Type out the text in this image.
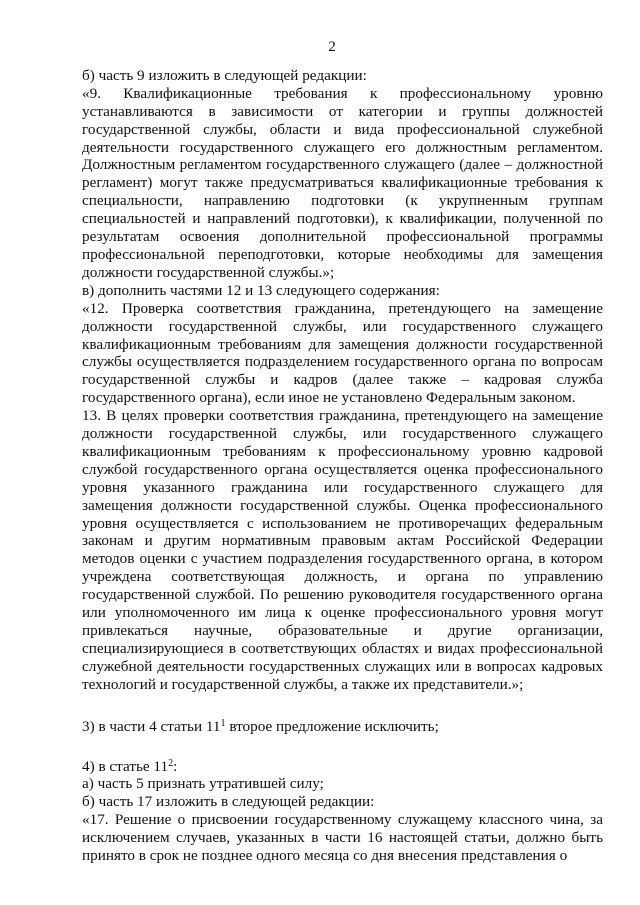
2

б) часть 9 изложить в следующей редакции:

«9. Квалификационные требования к профессиональному уровню устанавливаются в зависимости от категории и группы должностей государственной службы, области и вида профессиональной служебной деятельности государственного служащего его должностным регламентом. Должностным регламентом государственного служащего (далее – должностной регламент) могут также предусматриваться квалификационные требования к специальности, направлению подготовки (к укрупненным группам специальностей и направлений подготовки), к квалификации, полученной по результатам освоения дополнительной профессиональной программы профессиональной переподготовки, которые необходимы для замещения должности государственной службы.»;

в) дополнить частями 12 и 13 следующего содержания:

«12. Проверка соответствия гражданина, претендующего на замещение должности государственной службы, или государственного служащего квалификационным требованиям для замещения должности государственной службы осуществляется подразделением государственного органа по вопросам государственной службы и кадров (далее также – кадровая служба государственного органа), если иное не установлено Федеральным законом.

13. В целях проверки соответствия гражданина, претендующего на замещение должности государственной службы, или государственного служащего квалификационным требованиям к профессиональному уровню кадровой службой государственного органа осуществляется оценка профессионального уровня указанного гражданина или государственного служащего для замещения должности государственной службы. Оценка профессионального уровня осуществляется с использованием не противоречащих федеральным законам и другим нормативным правовым актам Российской Федерации методов оценки с участием подразделения государственного органа, в котором учреждена соответствующая должность, и органа по управлению государственной службой. По решению руководителя государственного органа или уполномоченного им лица к оценке профессионального уровня могут привлекаться научные, образовательные и другие организации, специализирующиеся в соответствующих областях и видах профессиональной служебной деятельности государственных служащих или в вопросах кадровых технологий и государственной службы, а также их представители.»;

3) в части 4 статьи $11^1$ второе предложение исключить;

4) в статье $11^2$:

а) часть 5 признать утратившей силу;

б) часть 17 изложить в следующей редакции:

«17. Решение о присвоении государственному служащему классного чина, за исключением случаев, указанных в части 16 настоящей статьи, должно быть принято в срок не позднее одного месяца со дня внесения представления о
